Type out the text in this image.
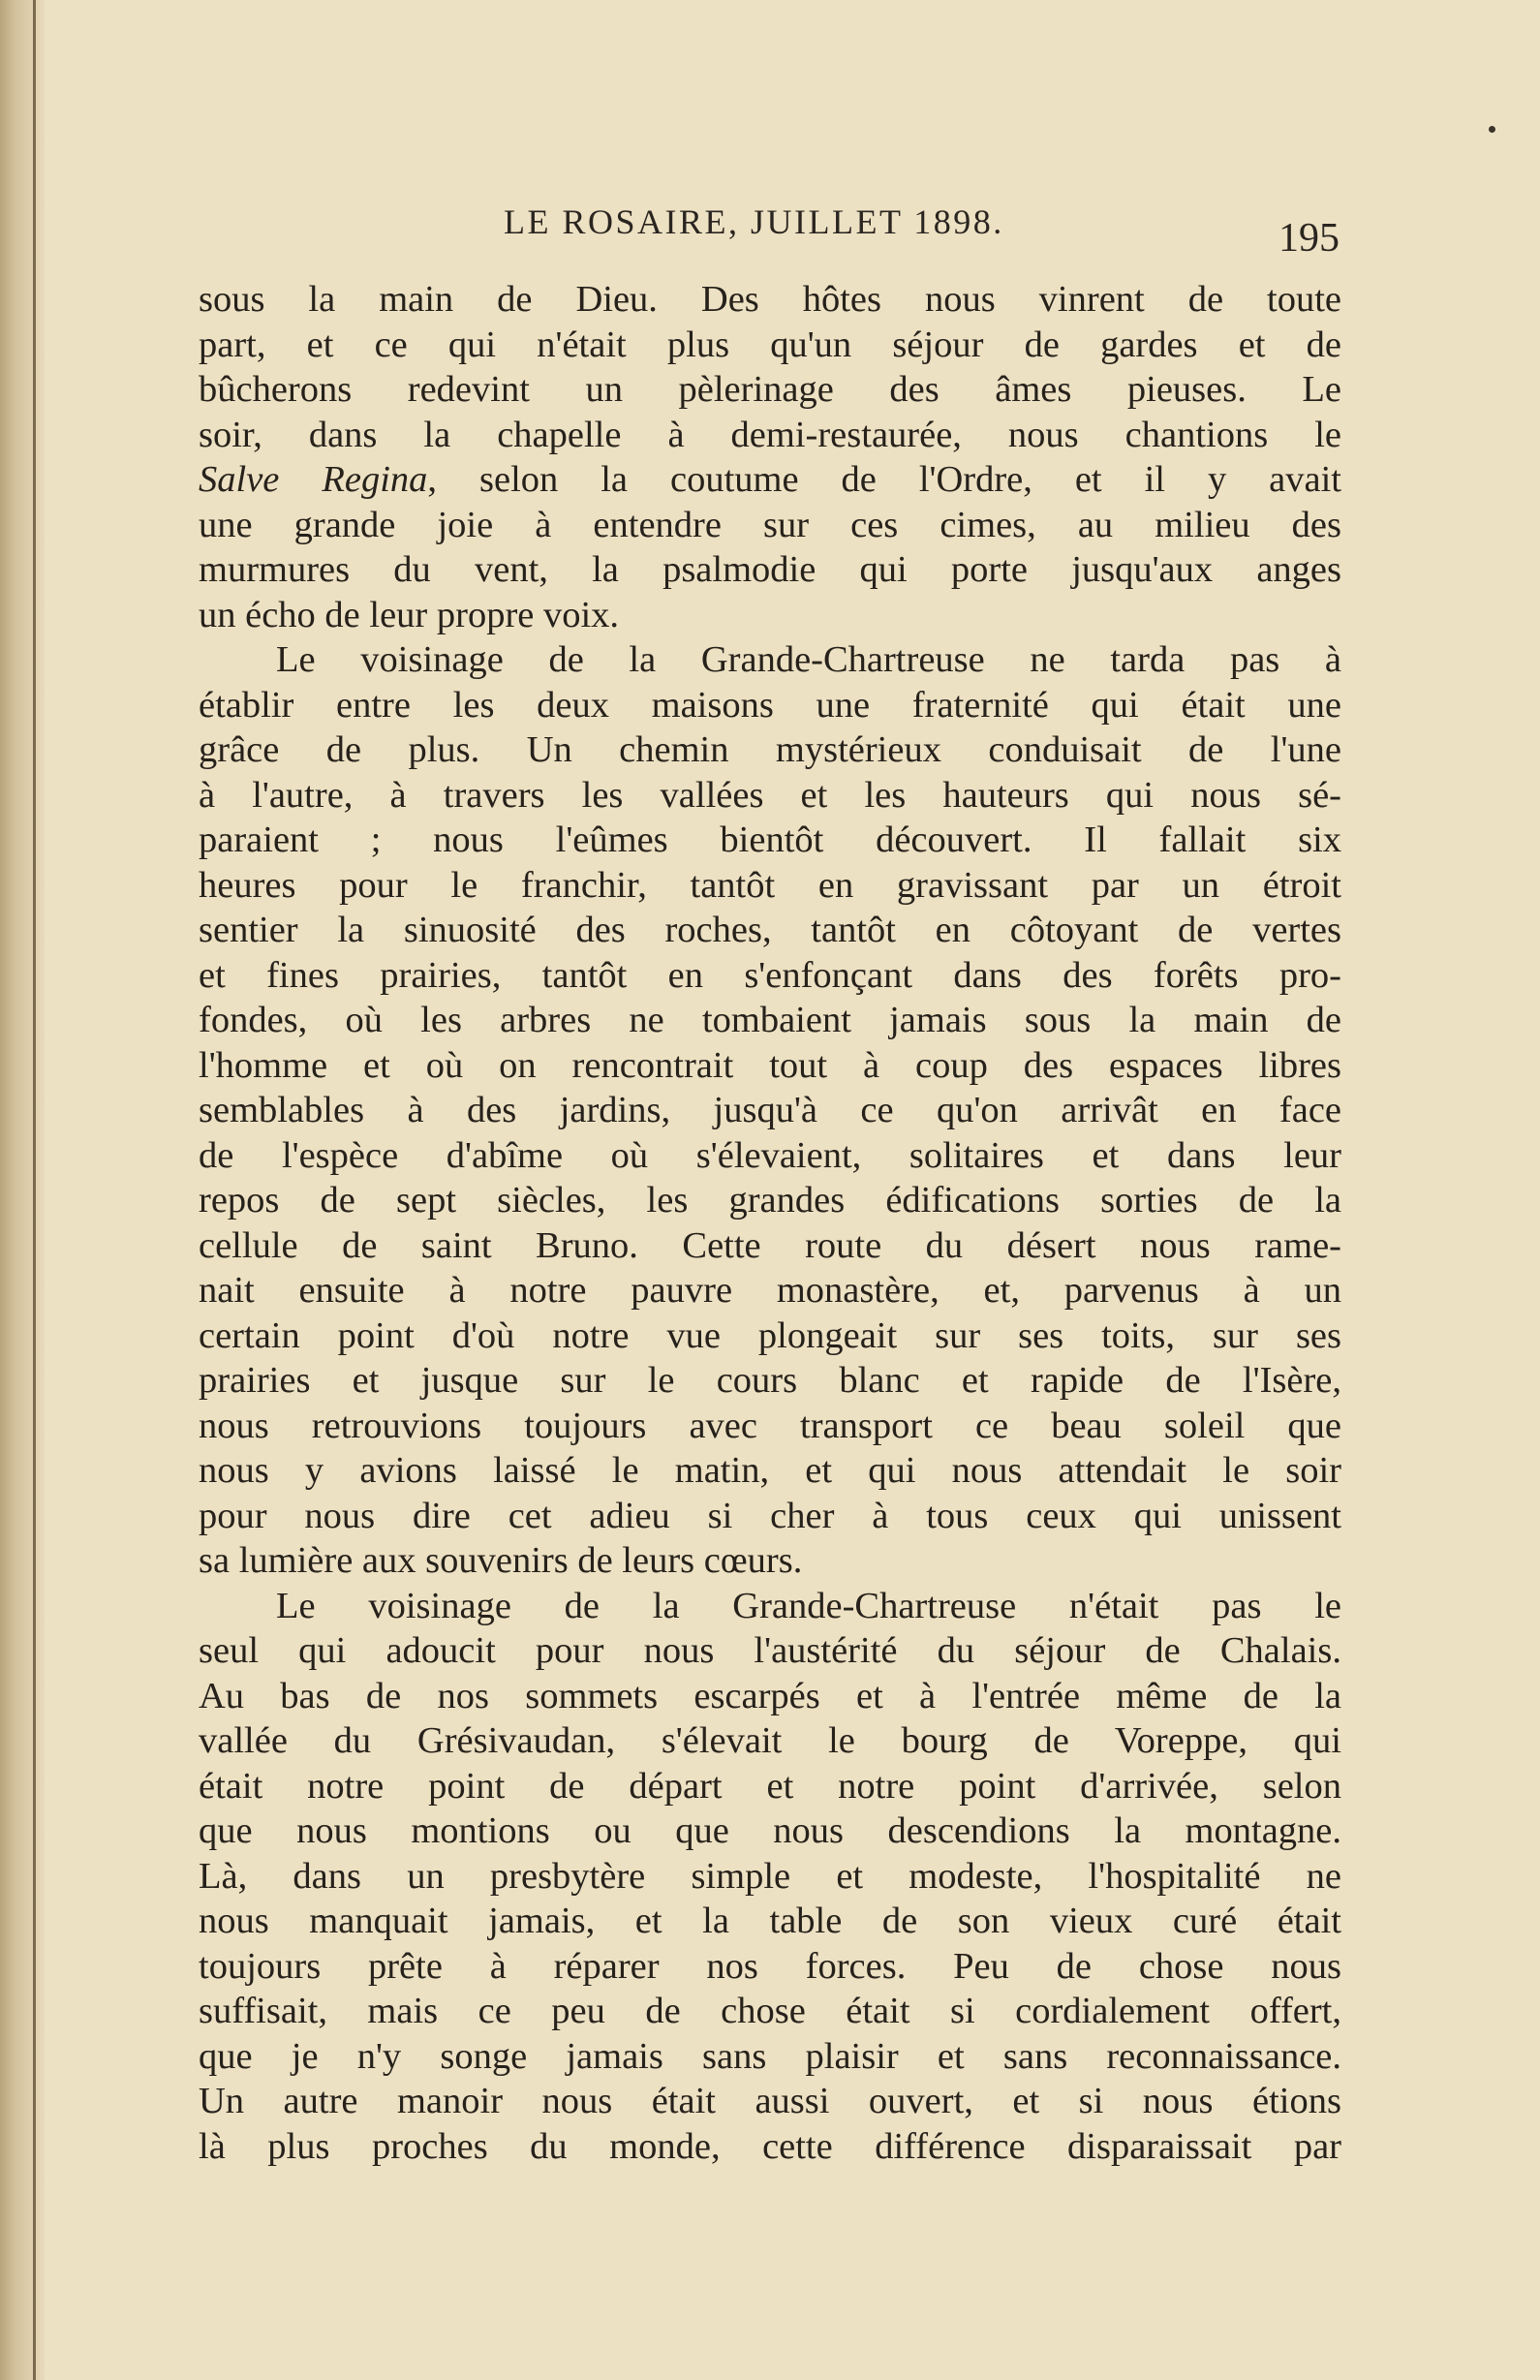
LE ROSAIRE, JUILLET 1898.	195
sous la main de Dieu. Des hôtes nous vinrent de toute
part, et ce qui n'était plus qu'un séjour de gardes et de
bûcherons redevint un pèlerinage des âmes pieuses. Le
soir, dans la chapelle à demi-restaurée, nous chantions le
Salve Regina, selon la coutume de l'Ordre, et il y avait
une grande joie à entendre sur ces cimes, au milieu des
murmures du vent, la psalmodie qui porte jusqu'aux anges
un écho de leur propre voix.
Le voisinage de la Grande-Chartreuse ne tarda pas à
établir entre les deux maisons une fraternité qui était une
grâce de plus. Un chemin mystérieux conduisait de l'une
à l'autre, à travers les vallées et les hauteurs qui nous sé-
paraient ; nous l'eûmes bientôt découvert. Il fallait six
heures pour le franchir, tantôt en gravissant par un étroit
sentier la sinuosité des roches, tantôt en côtoyant de vertes
et fines prairies, tantôt en s'enfonçant dans des forêts pro-
fondes, où les arbres ne tombaient jamais sous la main de
l'homme et où on rencontrait tout à coup des espaces libres
semblables à des jardins, jusqu'à ce qu'on arrivât en face
de l'espèce d'abîme où s'élevaient, solitaires et dans leur
repos de sept siècles, les grandes édifications sorties de la
cellule de saint Bruno. Cette route du désert nous rame-
nait ensuite à notre pauvre monastère, et, parvenus à un
certain point d'où notre vue plongeait sur ses toits, sur ses
prairies et jusque sur le cours blanc et rapide de l'Isère,
nous retrouvions toujours avec transport ce beau soleil que
nous y avions laissé le matin, et qui nous attendait le soir
pour nous dire cet adieu si cher à tous ceux qui unissent
sa lumière aux souvenirs de leurs cœurs.
Le voisinage de la Grande-Chartreuse n'était pas le
seul qui adoucit pour nous l'austérité du séjour de Chalais.
Au bas de nos sommets escarpés et à l'entrée même de la
vallée du Grésivaudan, s'élevait le bourg de Voreppe, qui
était notre point de départ et notre point d'arrivée, selon
que nous montions ou que nous descendions la montagne.
Là, dans un presbytère simple et modeste, l'hospitalité ne
nous manquait jamais, et la table de son vieux curé était
toujours prête à réparer nos forces. Peu de chose nous
suffisait, mais ce peu de chose était si cordialement offert,
que je n'y songe jamais sans plaisir et sans reconnaissance.
Un autre manoir nous était aussi ouvert, et si nous étions
là plus proches du monde, cette différence disparaissait par
